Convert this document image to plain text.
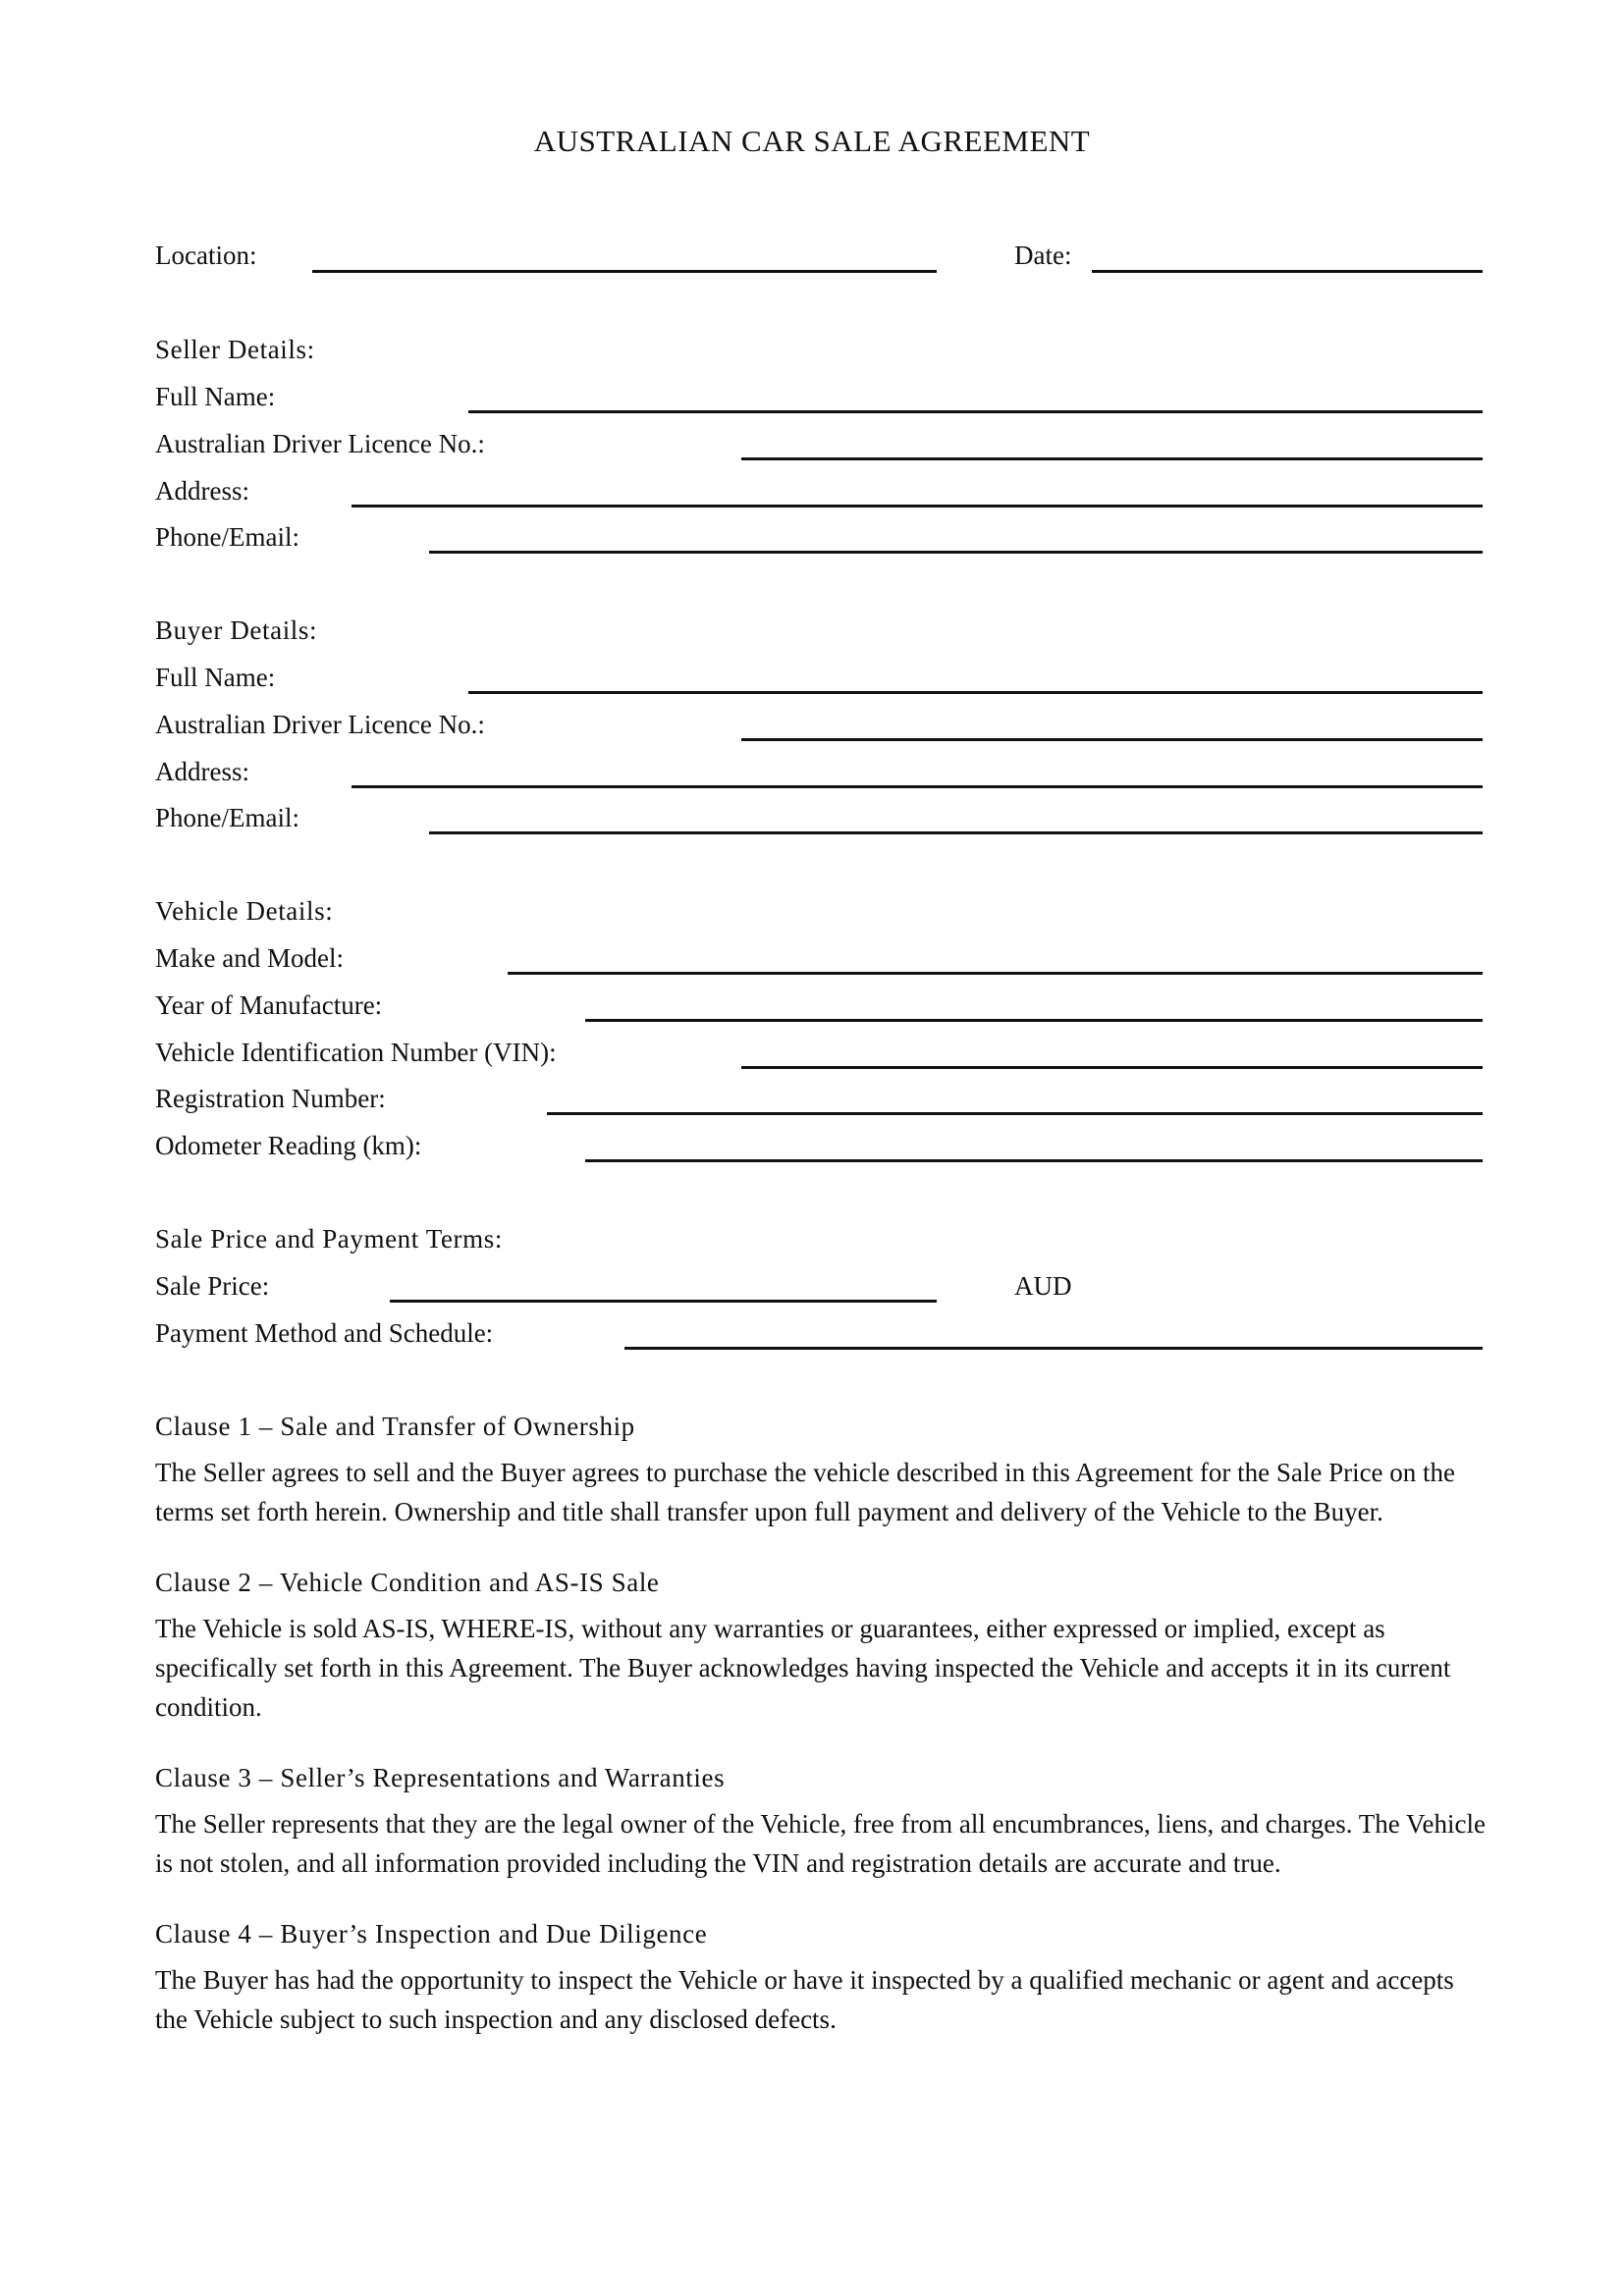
AUSTRALIAN CAR SALE AGREEMENT
Location:	Date:
Seller Details:
Full Name:
Australian Driver Licence No.:
Address:
Phone/Email:
Buyer Details:
Full Name:
Australian Driver Licence No.:
Address:
Phone/Email:
Vehicle Details:
Make and Model:
Year of Manufacture:
Vehicle Identification Number (VIN):
Registration Number:
Odometer Reading (km):
Sale Price and Payment Terms:
Sale Price:	AUD
Payment Method and Schedule:
Clause 1 – Sale and Transfer of Ownership
The Seller agrees to sell and the Buyer agrees to purchase the vehicle described in this Agreement for the Sale Price on the terms set forth herein. Ownership and title shall transfer upon full payment and delivery of the Vehicle to the Buyer.
Clause 2 – Vehicle Condition and AS-IS Sale
The Vehicle is sold AS-IS, WHERE-IS, without any warranties or guarantees, either expressed or implied, except as specifically set forth in this Agreement. The Buyer acknowledges having inspected the Vehicle and accepts it in its current condition.
Clause 3 – Seller’s Representations and Warranties
The Seller represents that they are the legal owner of the Vehicle, free from all encumbrances, liens, and charges. The Vehicle is not stolen, and all information provided including the VIN and registration details are accurate and true.
Clause 4 – Buyer’s Inspection and Due Diligence
The Buyer has had the opportunity to inspect the Vehicle or have it inspected by a qualified mechanic or agent and accepts the Vehicle subject to such inspection and any disclosed defects.
